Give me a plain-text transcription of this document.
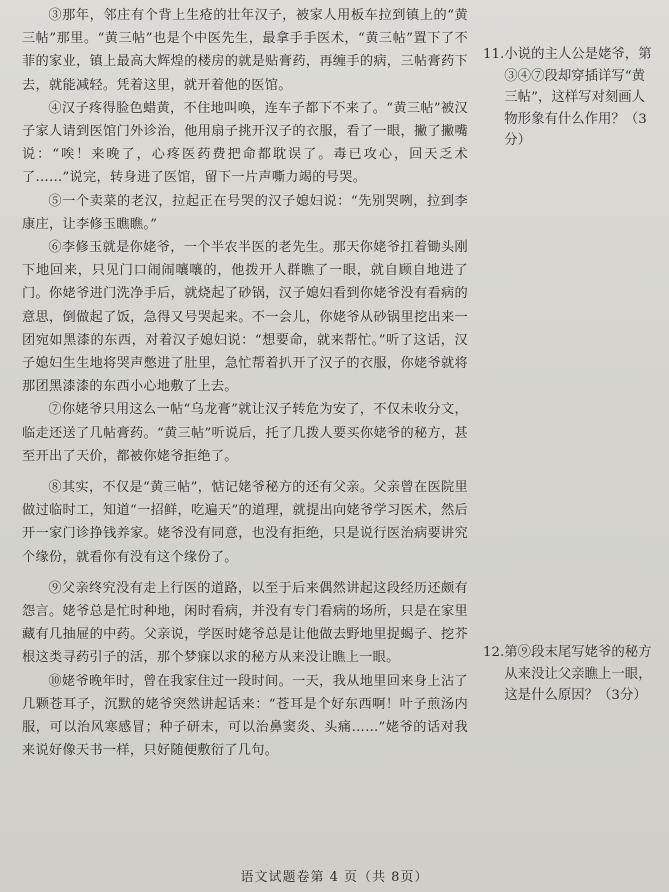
③那年，邻庄有个背上生疮的壮年汉子，被家人用板车拉到镇上的“黄三帖”那里。“黄三帖”也是个中医先生，最拿手手医术，“黄三帖”置下了不菲的家业，镇上最高大辉煌的楼房的就是贴膏药，再缠手的病，三帖膏药下去，就能减轻。凭着这里，就开着他的医馆。

④汉子疼得脸色蜡黄，不住地叫唤，连车子都下不来了。“黄三帖”被汉子家人请到医馆门外诊治，他用扇子挑开汉子的衣服，看了一眼，撇了撇嘴说：“唉！来晚了，心疼医药费把命都耽误了。毒已攻心，回天乏术了……”说完，转身进了医馆，留下一片声嘶力竭的号哭。

⑤一个卖菜的老汉，拉起正在号哭的汉子媳妇说：“先别哭咧，拉到李康庄，让李修玉瞧瞧。”

⑥李修玉就是你姥爷，一个半农半医的老先生。那天你姥爷扛着锄头刚下地回来，只见门口闹闹嚷嚷的，他拨开人群瞧了一眼，就自顾自地进了门。你姥爷进门洗净手后，就烧起了砂锅，汉子媳妇看到你姥爷没有看病的意思，倒做起了饭，急得又号哭起来。不一会儿，你姥爷从砂锅里挖出来一团宛如黑漆的东西，对着汉子媳妇说：“想要命，就来帮忙。”听了这话，汉子媳妇生生地将哭声憋进了肚里，急忙帮着扒开了汉子的衣服，你姥爷就将那团黑漆漆的东西小心地敷了上去。

⑦你姥爷只用这么一帖“乌龙膏”就让汉子转危为安了，不仅未收分文，临走还送了几帖膏药。“黄三帖”听说后，托了几拨人要买你姥爷的秘方，甚至开出了天价，都被你姥爷拒绝了。

⑧其实，不仅是“黄三帖”，惦记姥爷秘方的还有父亲。父亲曾在医院里做过临时工，知道“一招鲜，吃遍天”的道理，就提出向姥爷学习医术，然后开一家门诊挣钱养家。姥爷没有同意，也没有拒绝，只是说行医治病要讲究个缘份，就看你有没有这个缘份了。

⑨父亲终究没有走上行医的道路，以至于后来偶然讲起这段经历还颇有怨言。姥爷总是忙时种地，闲时看病，并没有专门看病的场所，只是在家里藏有几抽屉的中药。父亲说，学医时姥爷总是让他做去野地里捉蝎子、挖芥根这类寻药引子的活，那个梦寐以求的秘方从来没让瞧上一眼。

⑩姥爷晚年时，曾在我家住过一段时间。一天，我从地里回来身上沾了几颗苍耳子，沉默的姥爷突然讲起话来：“苍耳是个好东西啊！叶子煎汤内服，可以治风寒感冒；种子研末，可以治鼻窦炎、头痛……”姥爷的话对我来说好像天书一样，只好随便敷衍了几句。

11. 小说的主人公是姥爷，第③④⑦段却穿插详写“黄三帖”，这样写对刻画人物形象有什么作用？（3分）
12. 第⑨段末尾写姥爷的秘方从来没让父亲瞧上一眼，这是什么原因？（3分）
语文试题卷第 4 页（共 8页）
